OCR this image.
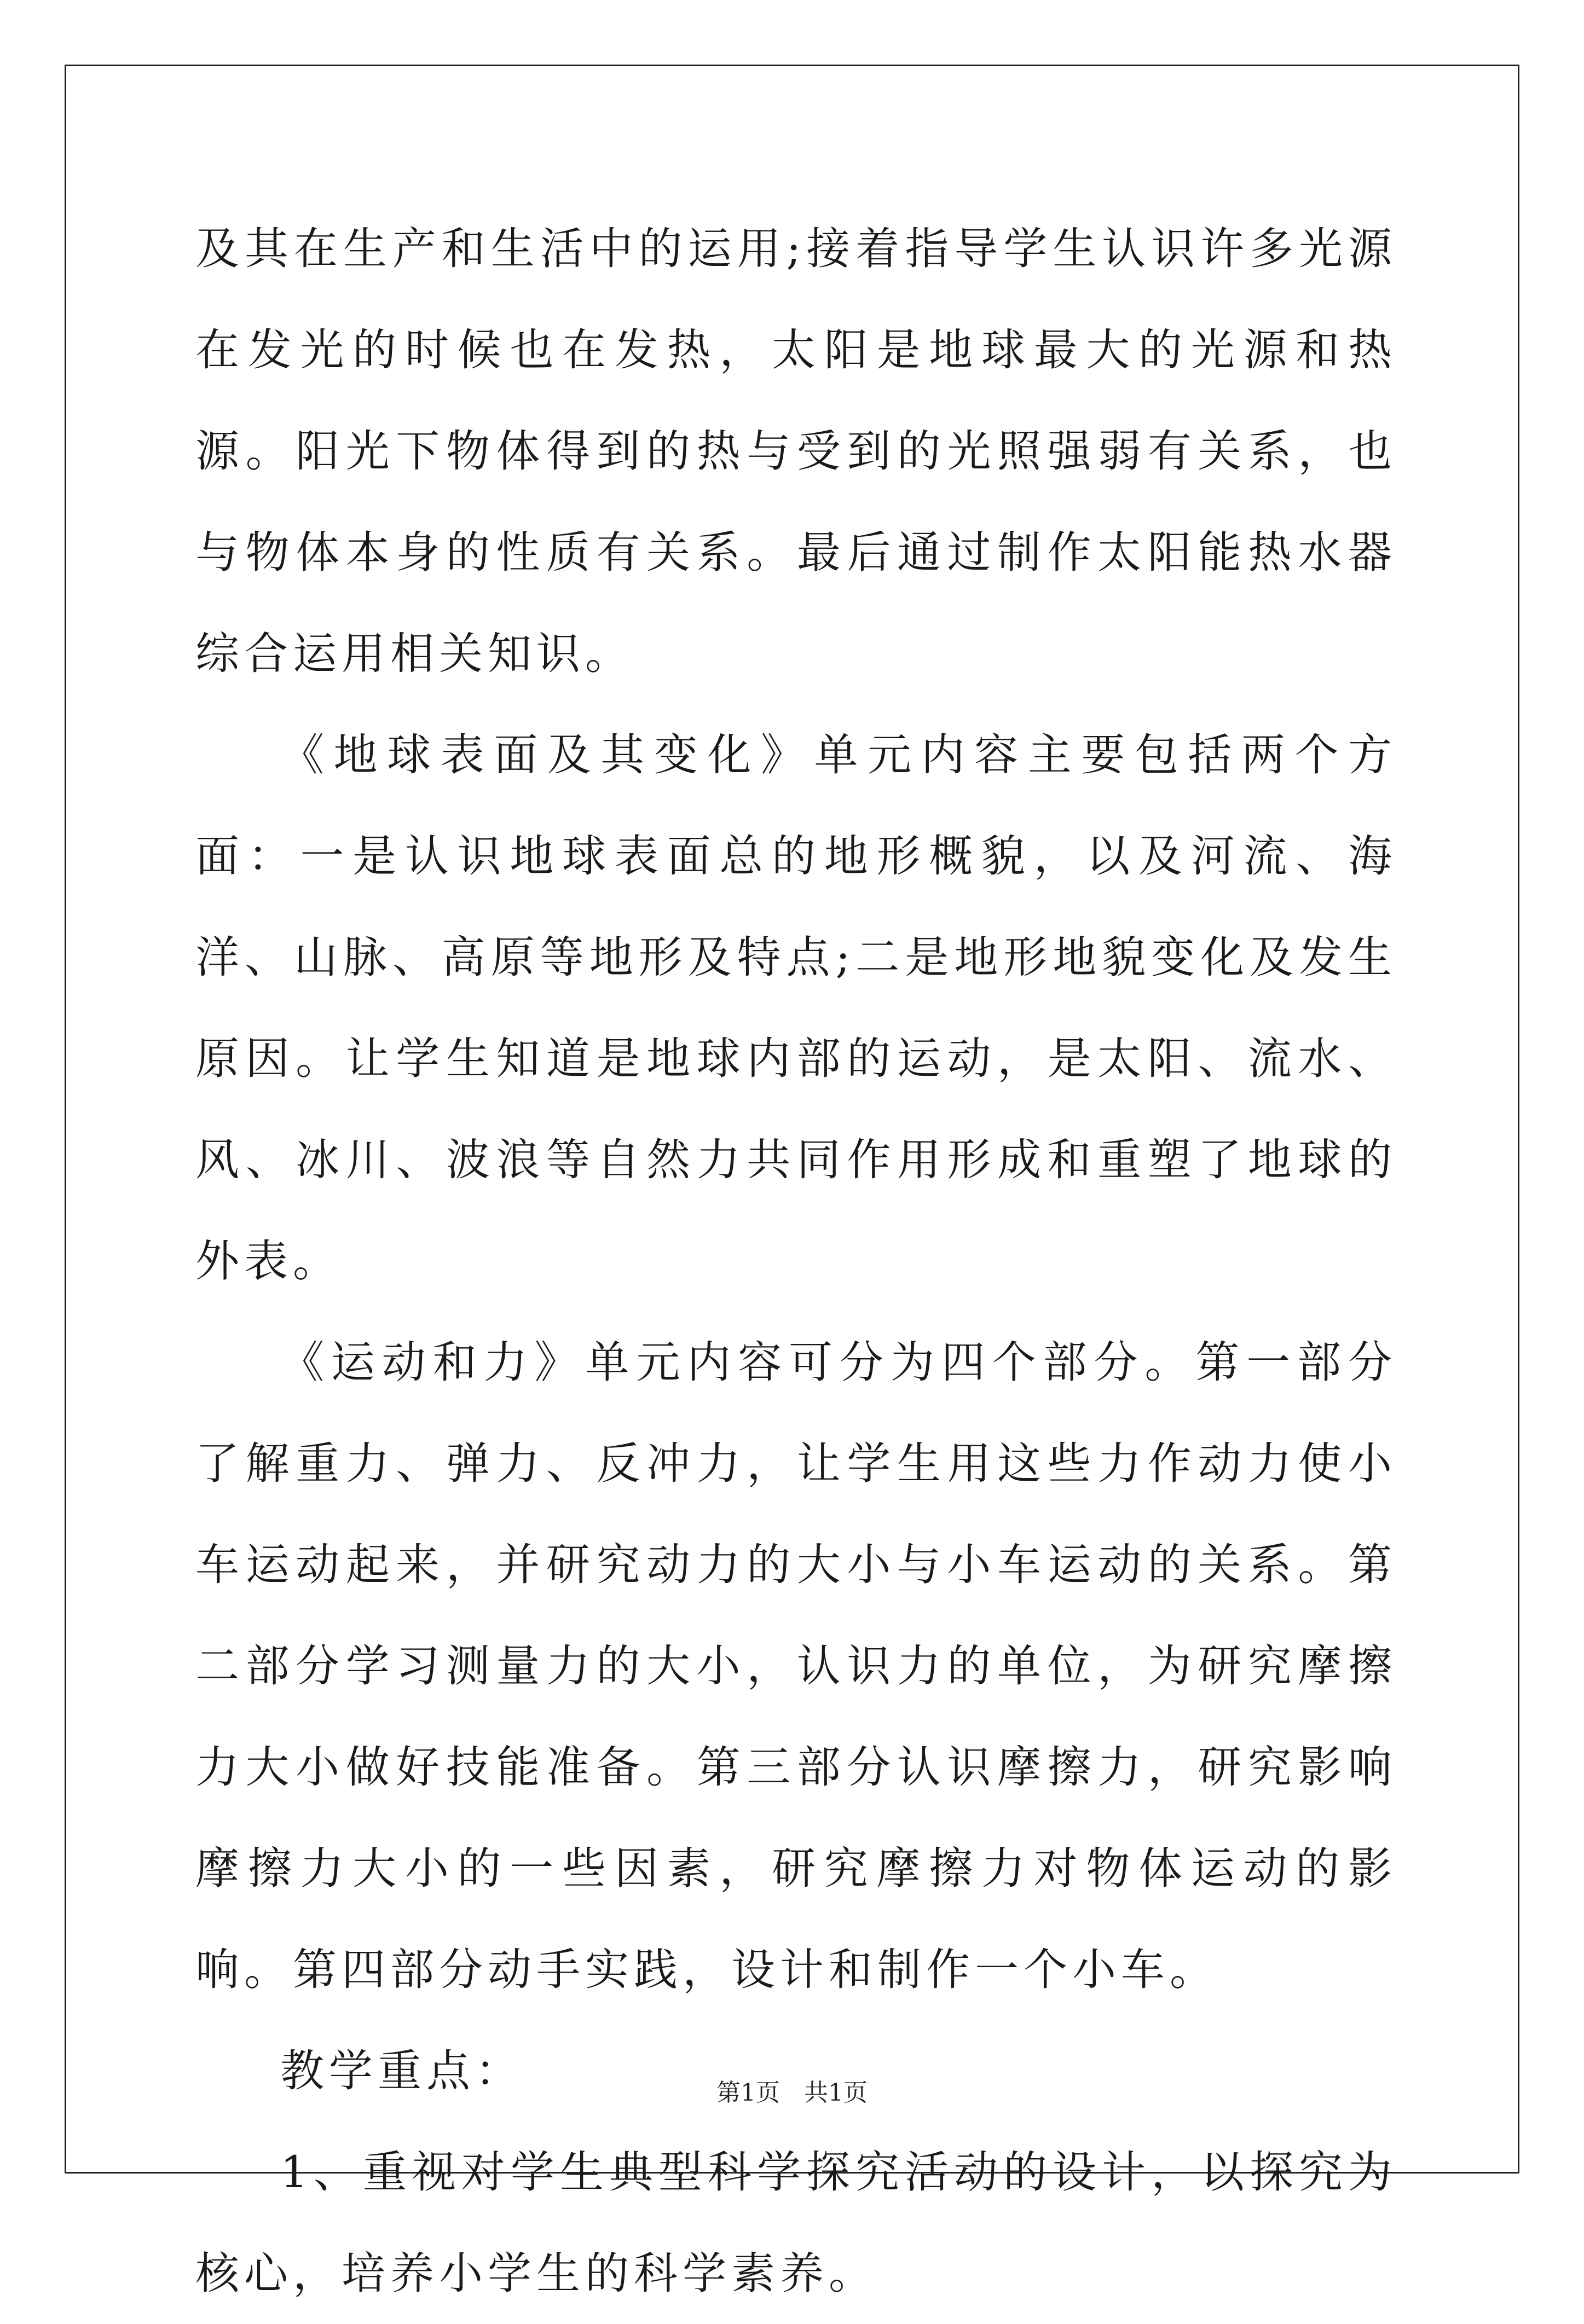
及其在生产和生活中的运用;接着指导学生认识许多光源在发光的时候也在发热，太阳是地球最大的光源和热源。阳光下物体得到的热与受到的光照强弱有关系，也与物体本身的性质有关系。最后通过制作太阳能热水器综合运用相关知识。

《地球表面及其变化》单元内容主要包括两个方面：一是认识地球表面总的地形概貌，以及河流、海洋、山脉、高原等地形及特点;二是地形地貌变化及发生原因。让学生知道是地球内部的运动，是太阳、流水、风、冰川、波浪等自然力共同作用形成和重塑了地球的外表。

《运动和力》单元内容可分为四个部分。第一部分了解重力、弹力、反冲力，让学生用这些力作动力使小车运动起来，并研究动力的大小与小车运动的关系。第二部分学习测量力的大小，认识力的单位，为研究摩擦力大小做好技能准备。第三部分认识摩擦力，研究影响摩擦力大小的一些因素，研究摩擦力对物体运动的影响。第四部分动手实践，设计和制作一个小车。

教学重点：

1、重视对学生典型科学探究活动的设计，以探究为核心，培养小学生的科学素养。

第1页　共1页
